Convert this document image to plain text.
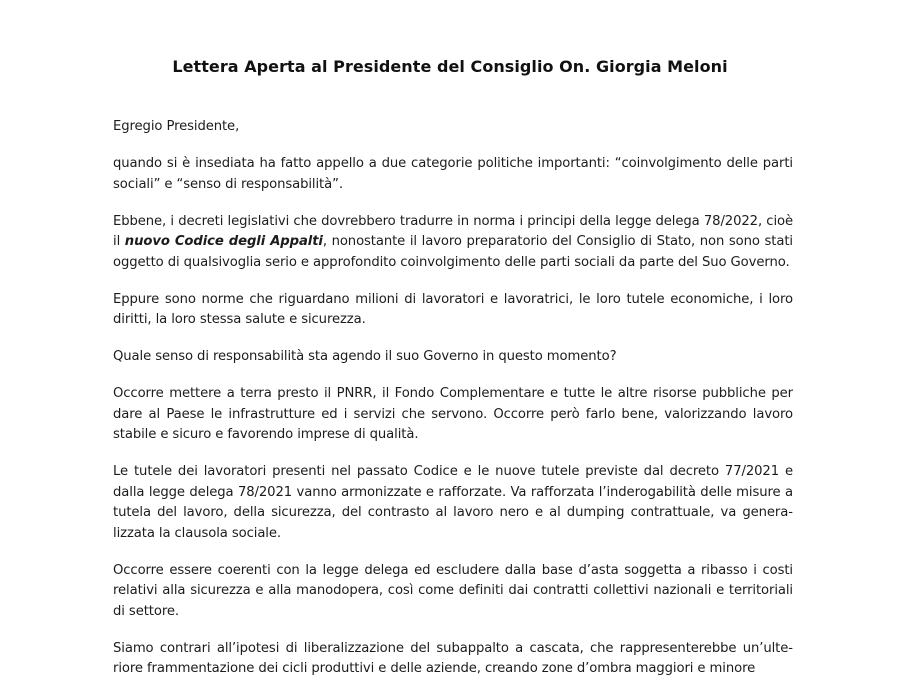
Lettera Aperta al Presidente del Consiglio On. Giorgia Meloni

Egregio Presidente,

quando si è insediata ha fatto appello a due categorie politiche importanti: “coinvolgimento delle parti sociali” e “senso di responsabilità”.

Ebbene, i decreti legislativi che dovrebbero tradurre in norma i principi della legge delega 78/2022, cioè il nuovo Codice degli Appalti, nonostante il lavoro preparatorio del Consiglio di Stato, non sono stati oggetto di qualsivoglia serio e approfondito coinvolgimento delle parti sociali da parte del Suo Governo.

Eppure sono norme che riguardano milioni di lavoratori e lavoratrici, le loro tutele economiche, i loro diritti, la loro stessa salute e sicurezza.

Quale senso di responsabilità sta agendo il suo Governo in questo momento?

Occorre mettere a terra presto il PNRR, il Fondo Complementare e tutte le altre risorse pubbliche per dare al Paese le infrastrutture ed i servizi che servono. Occorre però farlo bene, valorizzando lavoro stabile e sicuro e favorendo imprese di qualità.

Le tutele dei lavoratori presenti nel passato Codice e le nuove tutele previste dal decreto 77/2021 e dalla legge delega 78/2021 vanno armonizzate e rafforzate. Va rafforzata l’inderogabilità delle misure a tutela del lavoro, della sicurezza, del contrasto al lavoro nero e al dumping contrattuale, va generalizzata la clausola sociale.

Occorre essere coerenti con la legge delega ed escludere dalla base d’asta soggetta a ribasso i costi relativi alla sicurezza e alla manodopera, così come definiti dai contratti collettivi nazionali e territoriali di settore.

Siamo contrari all’ipotesi di liberalizzazione del subappalto a cascata, che rappresenterebbe un’ulteriore frammentazione dei cicli produttivi e delle aziende, creando zone d’ombra maggiori e minore
